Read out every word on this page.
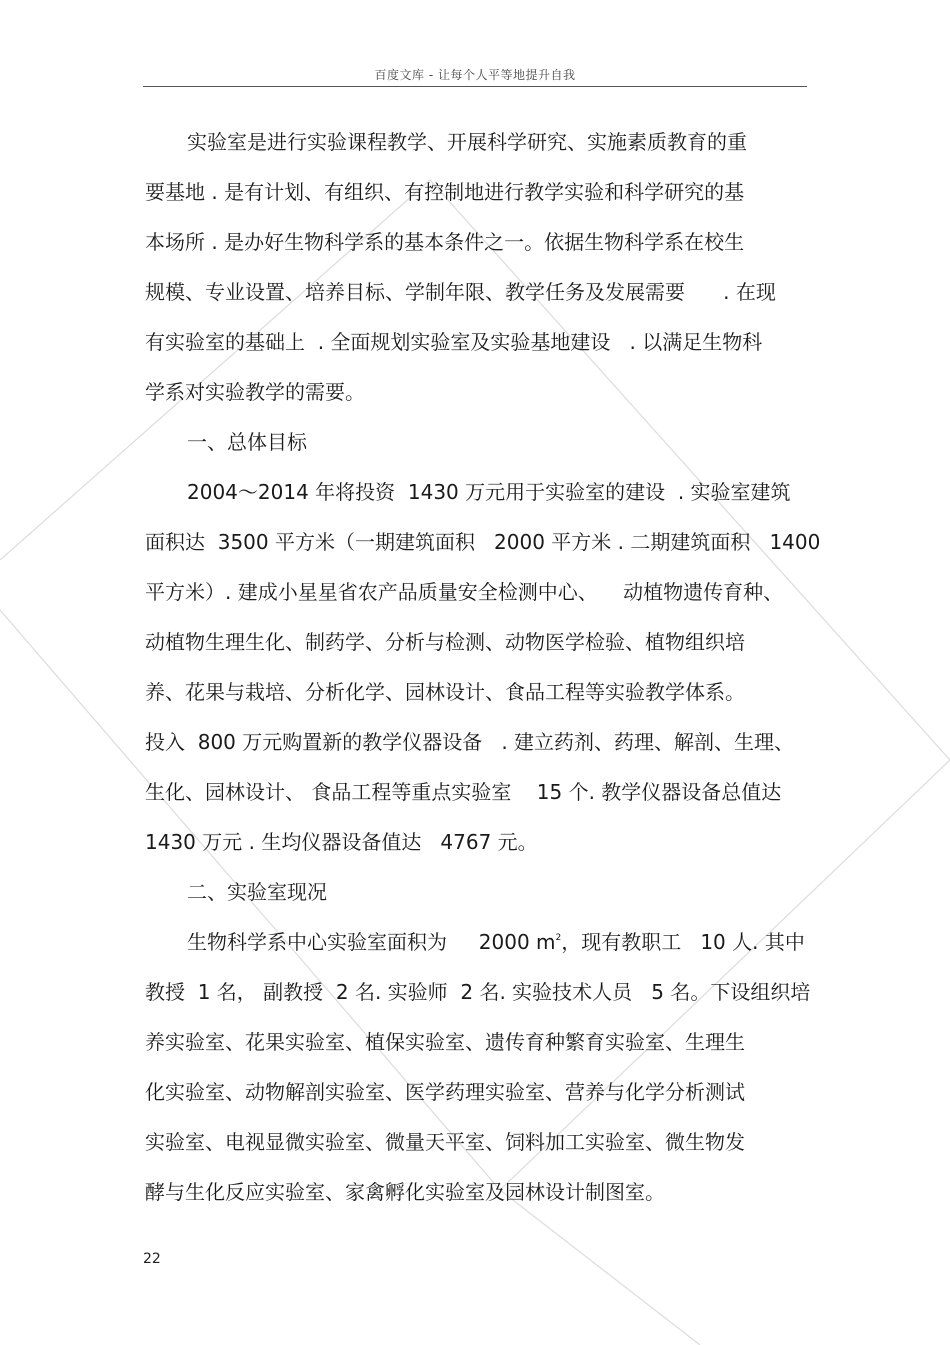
百度文库 - 让每个人平等地提升自我
实验室是进行实验课程教学、开展科学研究、实施素质教育的重
要基地 . 是有计划、有组织、有控制地进行教学实验和科学研究的基
本场所 . 是办好生物科学系的基本条件之一。依据生物科学系在校生
规模、专业设置、培养目标、学制年限、教学任务及发展需要      . 在现
有实验室的基础上  . 全面规划实验室及实验基地建设   . 以满足生物科
学系对实验教学的需要。
一、总体目标
2004～2014 年将投资  1430 万元用于实验室的建设  . 实验室建筑
面积达  3500 平方米（一期建筑面积   2000 平方米 . 二期建筑面积   1400
平方米）. 建成小星星省农产品质量安全检测中心、    动植物遗传育种、
动植物生理生化、制药学、分析与检测、动物医学检验、植物组织培
养、花果与栽培、分析化学、园林设计、食品工程等实验教学体系。
投入  800 万元购置新的教学仪器设备   . 建立药剂、药理、解剖、生理、
生化、园林设计、 食品工程等重点实验室    15 个. 教学仪器设备总值达
1430 万元 . 生均仪器设备值达   4767 元。
二、实验室现况
生物科学系中心实验室面积为     2000 $m^2$，现有教职工   10 人. 其中
教授  1 名， 副教授  2 名. 实验师  2 名. 实验技术人员   5 名。下设组织培
养实验室、花果实验室、植保实验室、遗传育种繁育实验室、生理生
化实验室、动物解剖实验室、医学药理实验室、营养与化学分析测试
实验室、电视显微实验室、微量天平室、饲料加工实验室、微生物发
酵与生化反应实验室、家禽孵化实验室及园林设计制图室。
22
